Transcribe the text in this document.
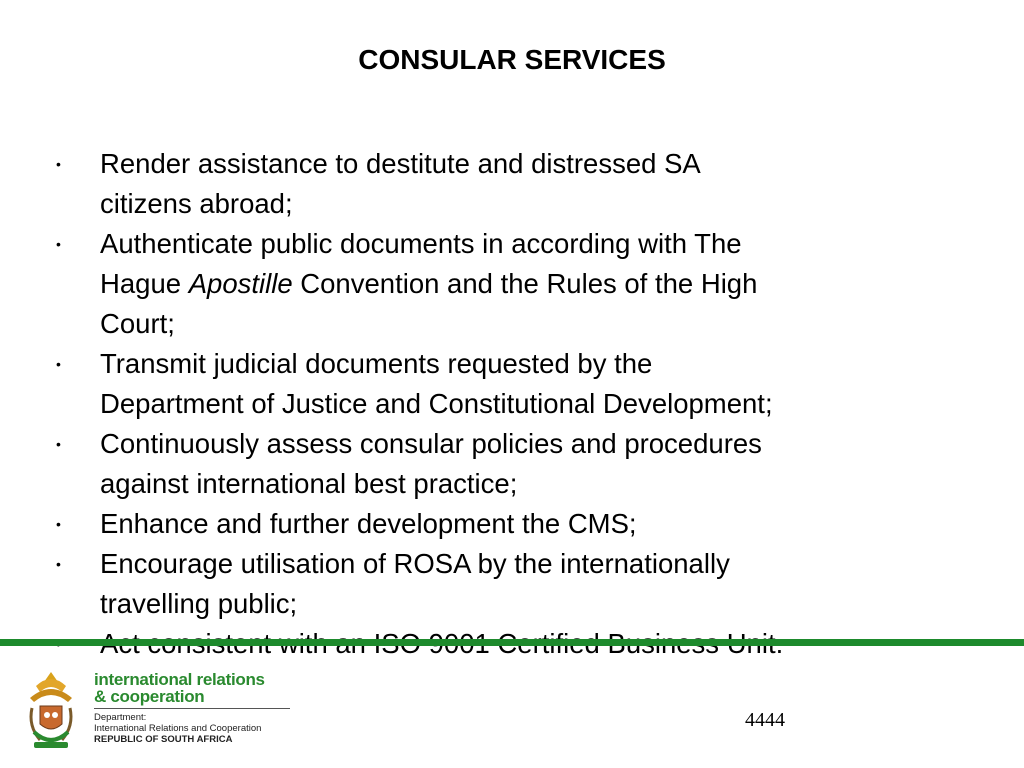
CONSULAR SERVICES
• Render assistance to destitute and distressed SA
citizens abroad;
• Authenticate public documents in according with The
Hague Apostille Convention and the Rules of the High
Court;
• Transmit judicial documents requested by the
Department of Justice and Constitutional Development;
• Continuously assess consular policies and procedures
against international best practice;
• Enhance and further development the CMS;
• Encourage utilisation of ROSA by the internationally
travelling public;
international relations
& cooperation
Department:
International Relations and Cooperation
REPUBLIC OF SOUTH AFRICA
4444
